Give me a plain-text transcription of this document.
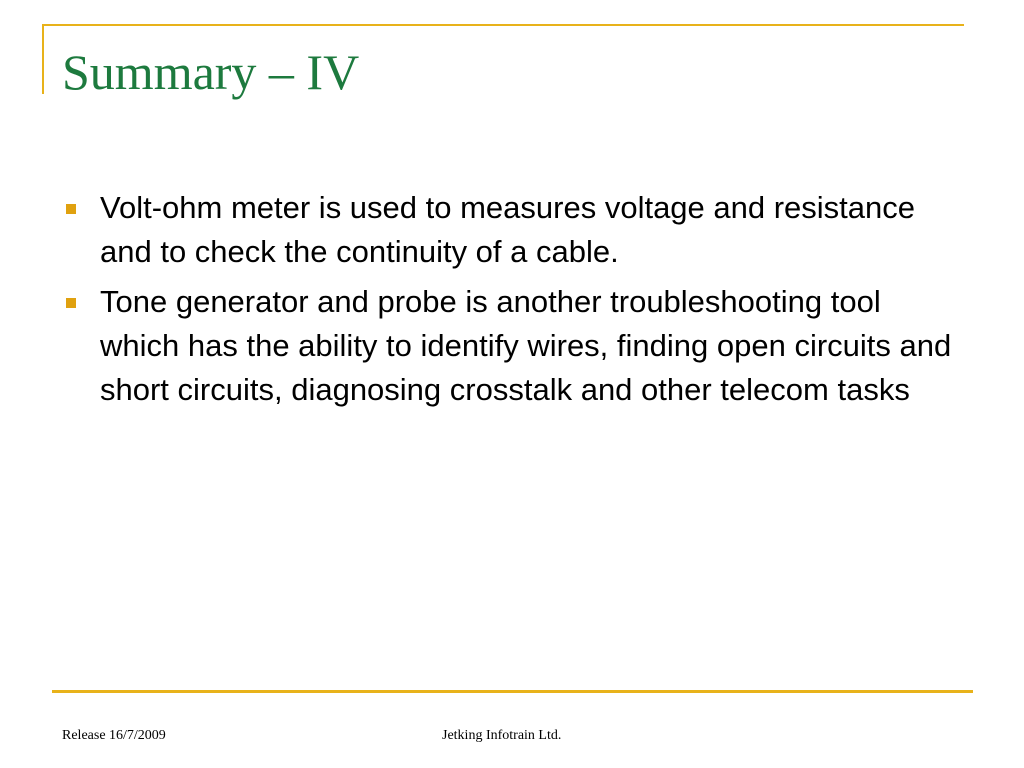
Summary – IV
Volt-ohm meter is used to measures voltage and resistance and to check the continuity of a cable.
Tone generator and probe is another troubleshooting tool which has the ability to identify wires, finding open circuits and short circuits, diagnosing crosstalk and other telecom tasks
Release 16/7/2009	Jetking Infotrain Ltd.
